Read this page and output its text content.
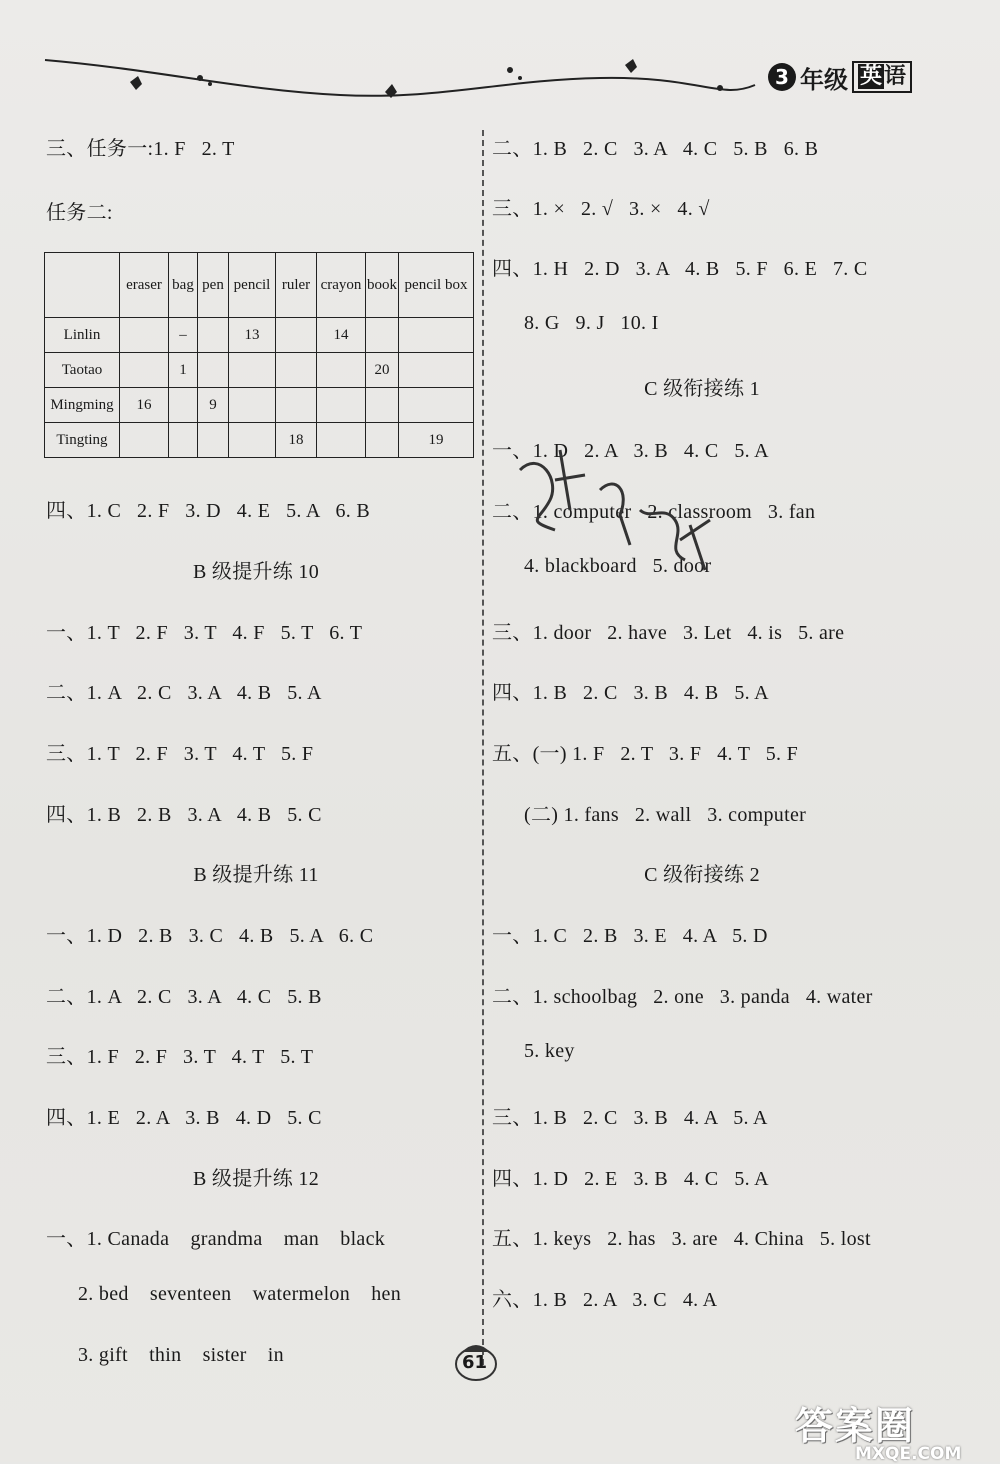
3 年级 英语
三、任务一:1. F   2. T
任务二:
	eraser	bag	pen	pencil	ruler	crayon	book	pencil box
Linlin		–		13		14		
Taotao		1					20	
Mingming	16		9					
Tingting					18			19
四、1. C   2. F   3. D   4. E   5. A   6. B
B 级提升练 10
一、1. T   2. F   3. T   4. F   5. T   6. T
二、1. A   2. C   3. A   4. B   5. A
三、1. T   2. F   3. T   4. T   5. F
四、1. B   2. B   3. A   4. B   5. C
B 级提升练 11
一、1. D   2. B   3. C   4. B   5. A   6. C
二、1. A   2. C   3. A   4. C   5. B
三、1. F   2. F   3. T   4. T   5. T
四、1. E   2. A   3. B   4. D   5. C
B 级提升练 12
一、1. Canada    grandma    man    black
2. bed    seventeen    watermelon    hen
3. gift    thin    sister    in
二、1. B   2. C   3. A   4. C   5. B   6. B
三、1. ×   2. √   3. ×   4. √
四、1. H   2. D   3. A   4. B   5. F   6. E   7. C
8. G   9. J   10. I
C 级衔接练 1
一、1. D   2. A   3. B   4. C   5. A
二、1. computer   2. classroom   3. fan
4. blackboard   5. door
三、1. door   2. have   3. Let   4. is   5. are
四、1. B   2. C   3. B   4. B   5. A
五、(一) 1. F   2. T   3. F   4. T   5. F
(二) 1. fans   2. wall   3. computer
C 级衔接练 2
一、1. C   2. B   3. E   4. A   5. D
二、1. schoolbag   2. one   3. panda   4. water
5. key
三、1. B   2. C   3. B   4. A   5. A
四、1. D   2. E   3. B   4. C   5. A
五、1. keys   2. has   3. are   4. China   5. lost
六、1. B   2. A   3. C   4. A
61
答案圈
MXQE.COM
